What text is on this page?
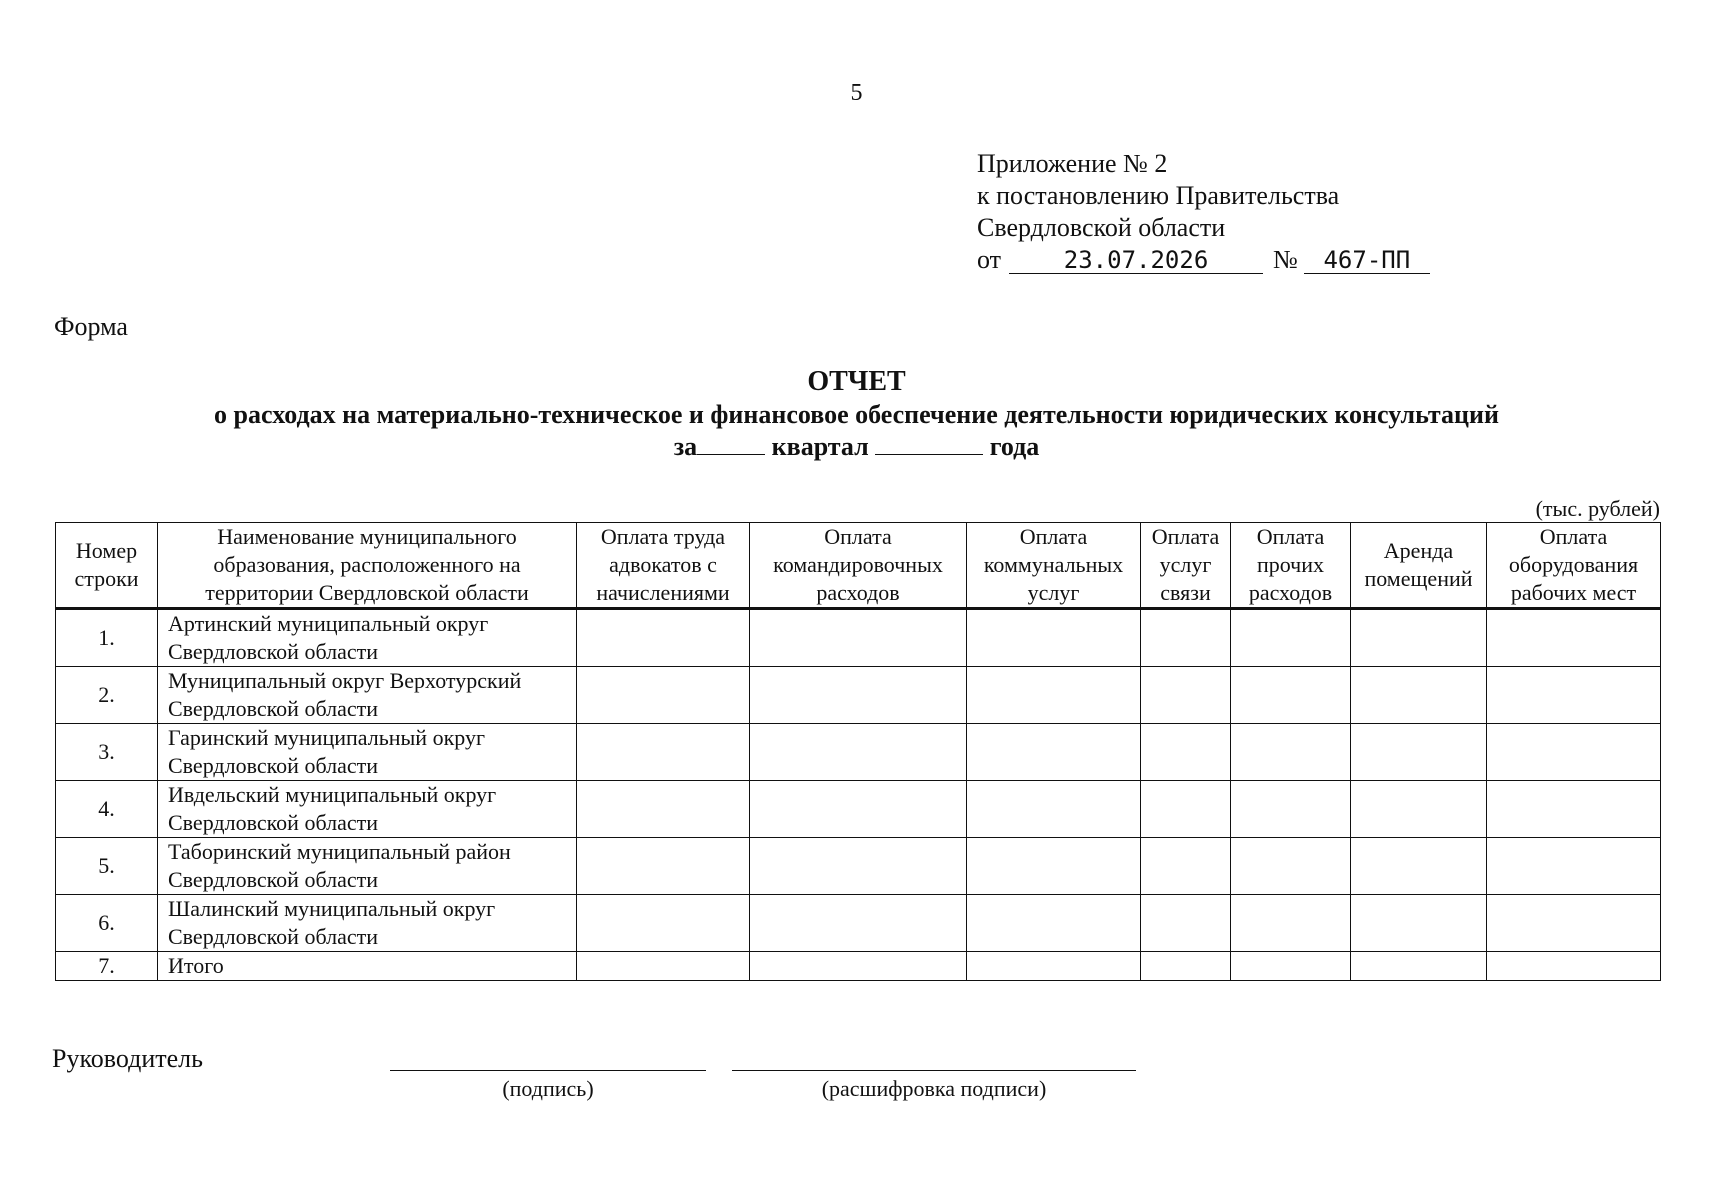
5
Приложение № 2
к постановлению Правительства
Свердловской области
от	23.07.2026 № 467-ПП
Форма
ОТЧЕТ
о расходах на материально-техническое и финансовое обеспечение деятельности юридических консультаций
за	квартал	года
(тыс. рублей)
Номер строки	Наименование муниципального образования, расположенного на территории Свердловской области	Оплата труда адвокатов с начислениями	Оплата командировочных расходов	Оплата коммунальных услуг	Оплата услуг связи	Оплата прочих расходов	Аренда помещений	Оплата оборудования рабочих мест
1.	Артинский муниципальный округ
Свердловской области							

2.	Муниципальный округ Верхотурский
Свердловской области							

3.	Гаринский муниципальный округ
Свердловской области							

4.	Ивдельский муниципальный округ
Свердловской области							

5.	Таборинский муниципальный район
Свердловской области							

6.	Шалинский муниципальный округ
Свердловской области							

7.	Итого							
Руководитель
(подпись)	(расшифровка подписи)
